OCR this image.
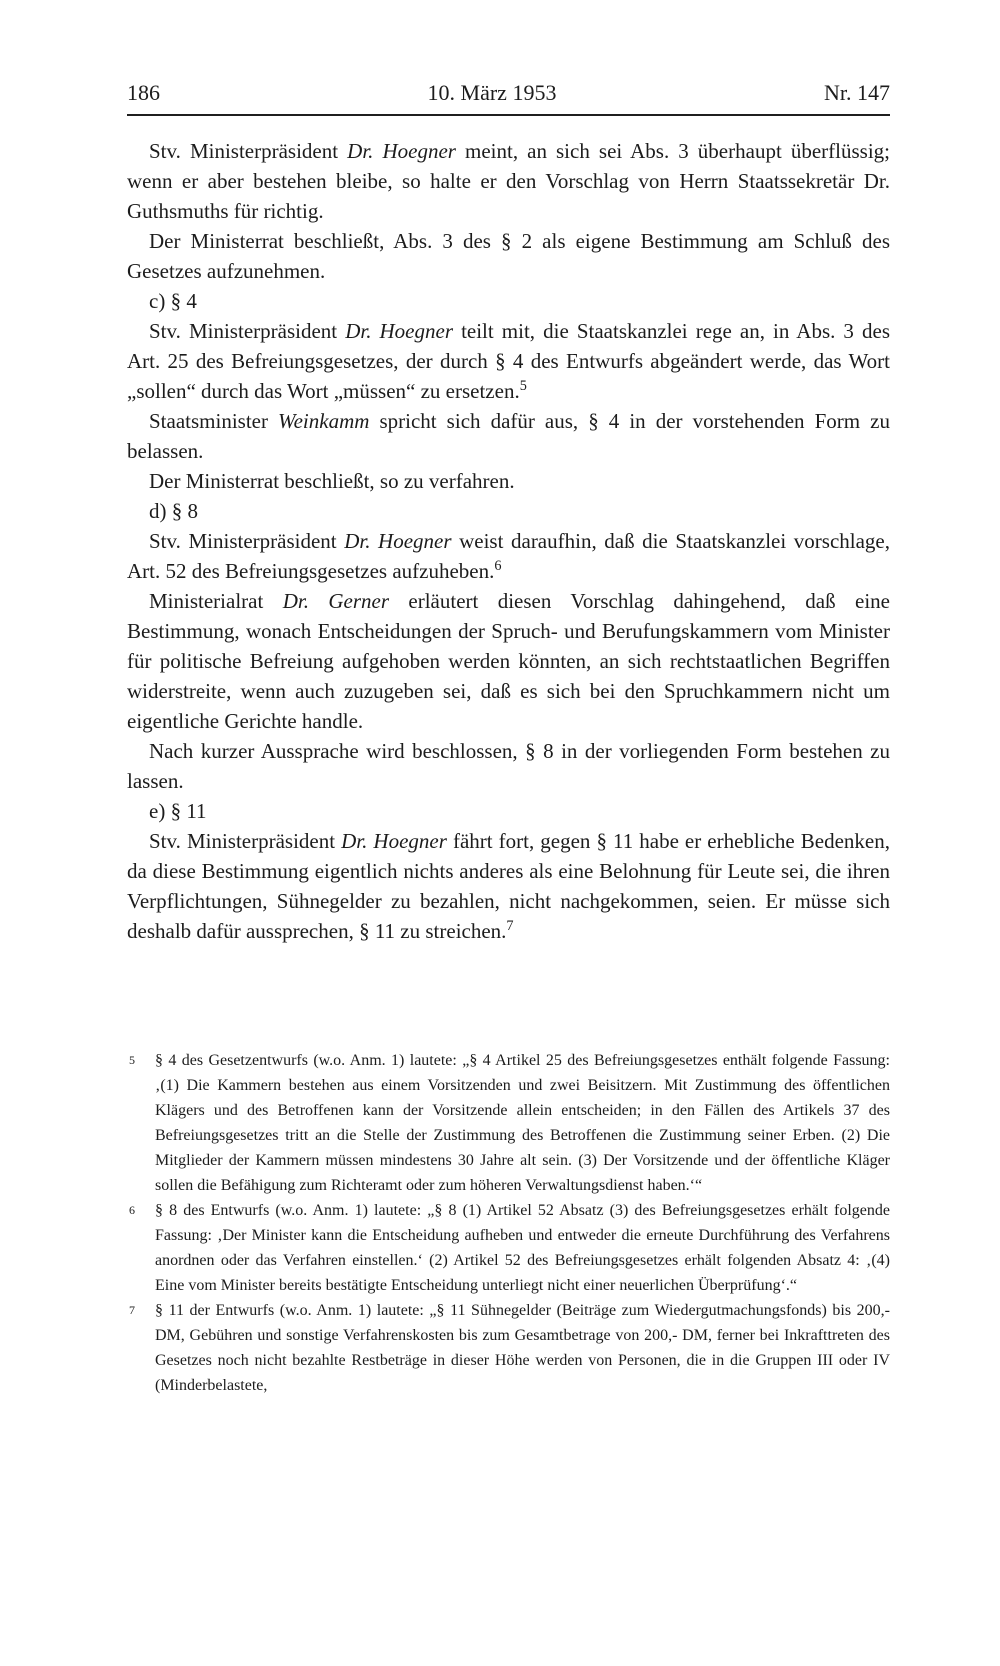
186	10. März 1953	Nr. 147

Stv. Ministerpräsident Dr. Hoegner meint, an sich sei Abs. 3 überhaupt überflüssig; wenn er aber bestehen bleibe, so halte er den Vorschlag von Herrn Staatssekretär Dr. Guthsmuths für richtig.

Der Ministerrat beschließt, Abs. 3 des § 2 als eigene Bestimmung am Schluß des Gesetzes aufzunehmen.

c) § 4

Stv. Ministerpräsident Dr. Hoegner teilt mit, die Staatskanzlei rege an, in Abs. 3 des Art. 25 des Befreiungsgesetzes, der durch § 4 des Entwurfs abgeändert werde, das Wort „sollen“ durch das Wort „müssen“ zu ersetzen.$^5$

Staatsminister Weinkamm spricht sich dafür aus, § 4 in der vorstehenden Form zu belassen.

Der Ministerrat beschließt, so zu verfahren.

d) § 8

Stv. Ministerpräsident Dr. Hoegner weist daraufhin, daß die Staatskanzlei vorschlage, Art. 52 des Befreiungsgesetzes aufzuheben.$^6$

Ministerialrat Dr. Gerner erläutert diesen Vorschlag dahingehend, daß eine Bestimmung, wonach Entscheidungen der Spruch- und Berufungskammern vom Minister für politische Befreiung aufgehoben werden könnten, an sich rechtstaatlichen Begriffen widerstreite, wenn auch zuzugeben sei, daß es sich bei den Spruchkammern nicht um eigentliche Gerichte handle.

Nach kurzer Aussprache wird beschlossen, § 8 in der vorliegenden Form bestehen zu lassen.

e) § 11

Stv. Ministerpräsident Dr. Hoegner fährt fort, gegen § 11 habe er erhebliche Bedenken, da diese Bestimmung eigentlich nichts anderes als eine Belohnung für Leute sei, die ihren Verpflichtungen, Sühnegelder zu bezahlen, nicht nachgekommen, seien. Er müsse sich deshalb dafür aussprechen, § 11 zu streichen.$^7$

5 § 4 des Gesetzentwurfs (w.o. Anm. 1) lautete: „§ 4 Artikel 25 des Befreiungsgesetzes enthält folgende Fassung: ‚(1) Die Kammern bestehen aus einem Vorsitzenden und zwei Beisitzern. Mit Zustimmung des öffentlichen Klägers und des Betroffenen kann der Vorsitzende allein entscheiden; in den Fällen des Artikels 37 des Befreiungsgesetzes tritt an die Stelle der Zustimmung des Betroffenen die Zustimmung seiner Erben. (2) Die Mitglieder der Kammern müssen mindestens 30 Jahre alt sein. (3) Der Vorsitzende und der öffentliche Kläger sollen die Befähigung zum Richteramt oder zum höheren Verwaltungsdienst haben.‘“
6 § 8 des Entwurfs (w.o. Anm. 1) lautete: „§ 8 (1) Artikel 52 Absatz (3) des Befreiungsgesetzes erhält folgende Fassung: ‚Der Minister kann die Entscheidung aufheben und entweder die erneute Durchführung des Verfahrens anordnen oder das Verfahren einstellen.‘ (2) Artikel 52 des Befreiungsgesetzes erhält folgenden Absatz 4: ‚(4) Eine vom Minister bereits bestätigte Entscheidung unterliegt nicht einer neuerlichen Überprüfung‘.“
7 § 11 der Entwurfs (w.o. Anm. 1) lautete: „§ 11 Sühnegelder (Beiträge zum Wiedergutmachungsfonds) bis 200,- DM, Gebühren und sonstige Verfahrenskosten bis zum Gesamtbetrage von 200,- DM, ferner bei Inkrafttreten des Gesetzes noch nicht bezahlte Restbeträge in dieser Höhe werden von Personen, die in die Gruppen III oder IV (Minderbelastete,
